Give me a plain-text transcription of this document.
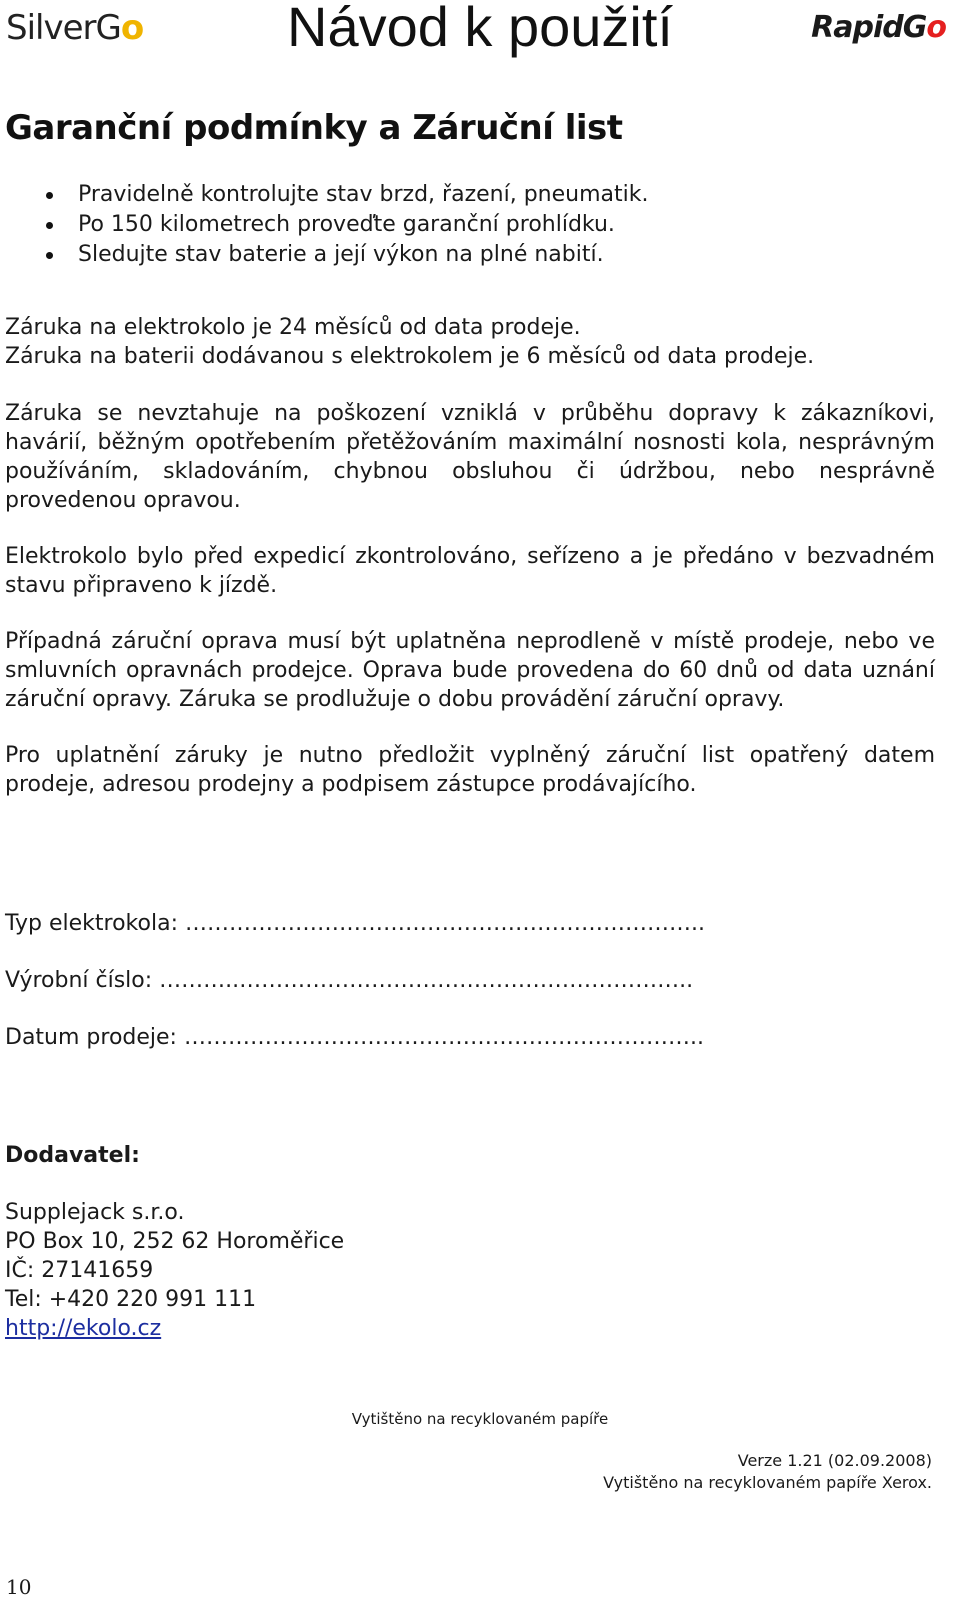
SilverGo	Návod k použití	RapidGo
Garanční podmínky a Záruční list
Pravidelně kontrolujte stav brzd, řazení, pneumatik.
Po 150 kilometrech proveďte garanční prohlídku.
Sledujte stav baterie a její výkon na plné nabití.

Záruka na elektrokolo je 24 měsíců od data prodeje.

Záruka na baterii dodávanou s elektrokolem je 6 měsíců od data prodeje.

Záruka se nevztahuje na poškození vzniklá v průběhu dopravy k zákazníkovi, havárií, běžným opotřebením přetěžováním maximální nosnosti kola, nesprávným používáním, skladováním, chybnou obsluhou či údržbou, nebo nesprávně provedenou opravou.

Elektrokolo bylo před expedicí zkontrolováno, seřízeno a je předáno v bezvadném stavu připraveno k jízdě.

Případná záruční oprava musí být uplatněna neprodleně v místě prodeje, nebo ve smluvních opravnách prodejce. Oprava bude provedena do 60 dnů od data uznání záruční opravy. Záruka se prodlužuje o dobu provádění záruční opravy.

Pro uplatnění záruky je nutno předložit vyplněný záruční list opatřený datem prodeje, adresou prodejny a podpisem zástupce prodávajícího.

Typ elektrokola: ……………………………………………………………..
Výrobní číslo: ………..……………………………………………………..
Datum prodeje: ……………………………………………………………..

Dodavatel:

Supplejack s.r.o.

PO Box 10, 252 62 Horoměřice

IČ: 27141659

Tel: +420 220 991 111

http://ekolo.cz

Vytištěno na recyklovaném papíře
Verze 1.21 (02.09.2008)
Vytištěno na recyklovaném papíře Xerox.
10
